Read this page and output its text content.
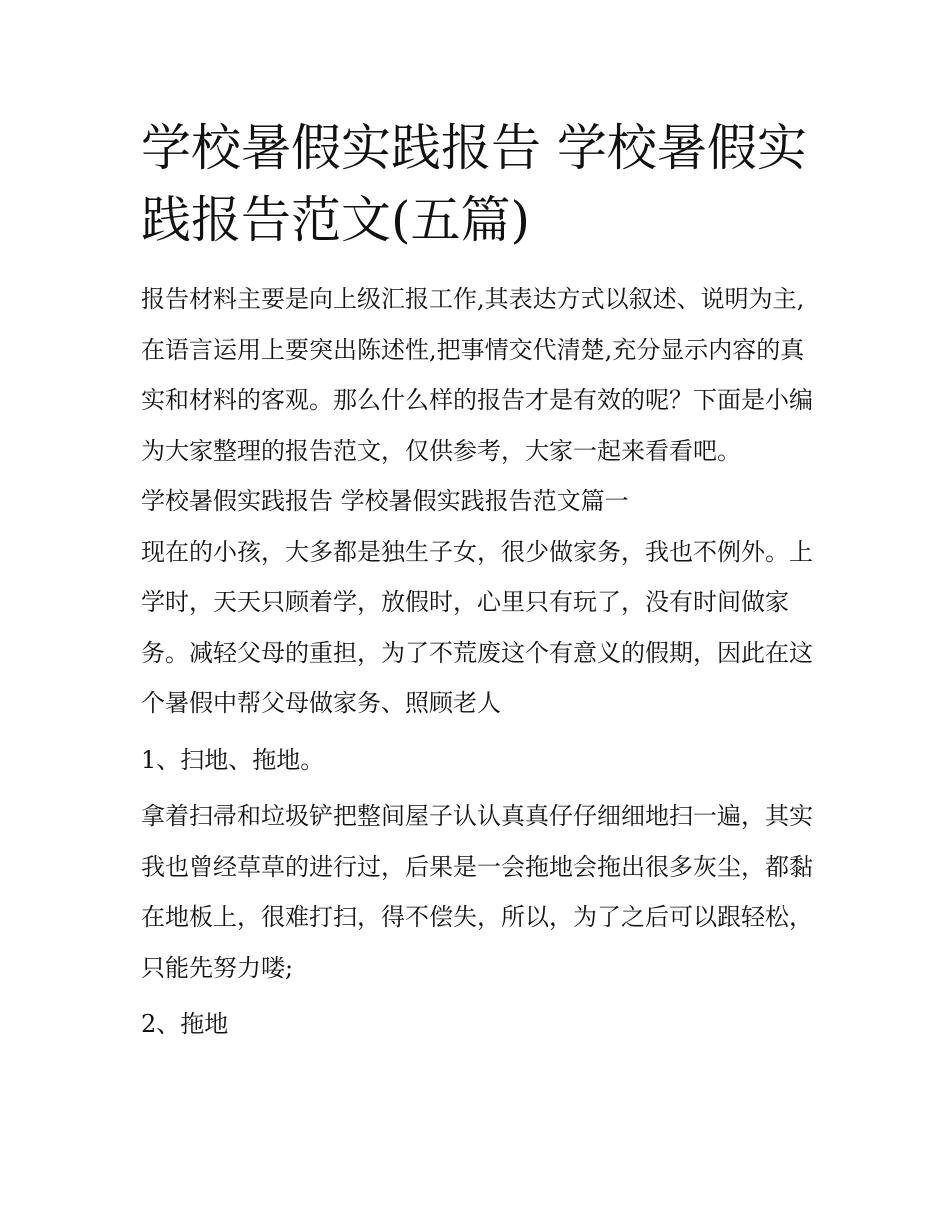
学校暑假实践报告 学校暑假实践报告范文(五篇)

报告材料主要是向上级汇报工作,其表达方式以叙述、说明为主,在语言运用上要突出陈述性,把事情交代清楚,充分显示内容的真实和材料的客观。那么什么样的报告才是有效的呢？下面是小编为大家整理的报告范文，仅供参考，大家一起来看看吧。

学校暑假实践报告 学校暑假实践报告范文篇一

现在的小孩，大多都是独生子女，很少做家务，我也不例外。上学时，天天只顾着学，放假时，心里只有玩了，没有时间做家务。减轻父母的重担，为了不荒废这个有意义的假期，因此在这个暑假中帮父母做家务、照顾老人

1、扫地、拖地。

拿着扫帚和垃圾铲把整间屋子认认真真仔仔细细地扫一遍，其实我也曾经草草的进行过，后果是一会拖地会拖出很多灰尘，都黏在地板上，很难打扫，得不偿失，所以，为了之后可以跟轻松，只能先努力喽;

2、拖地
